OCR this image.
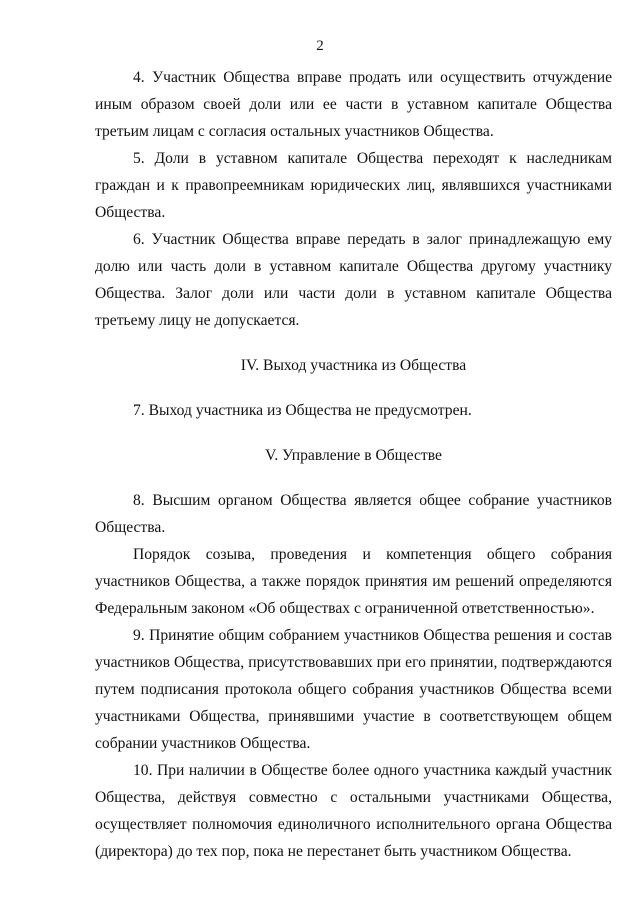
2

4. Участник Общества вправе продать или осуществить отчуждение иным образом своей доли или ее части в уставном капитале Общества третьим лицам с согласия остальных участников Общества.

5. Доли в уставном капитале Общества переходят к наследникам граждан и к правопреемникам юридических лиц, являвшихся участниками Общества.

6. Участник Общества вправе передать в залог принадлежащую ему долю или часть доли в уставном капитале Общества другому участнику Общества. Залог доли или части доли в уставном капитале Общества третьему лицу не допускается.

IV. Выход участника из Общества

7. Выход участника из Общества не предусмотрен.

V. Управление в Обществе

8. Высшим органом Общества является общее собрание участников Общества.

Порядок созыва, проведения и компетенция общего собрания участников Общества, а также порядок принятия им решений определяются Федеральным законом «Об обществах с ограниченной ответственностью».

9. Принятие общим собранием участников Общества решения и состав участников Общества, присутствовавших при его принятии, подтверждаются путем подписания протокола общего собрания участников Общества всеми участниками Общества, принявшими участие в соответствующем общем собрании участников Общества.

10. При наличии в Обществе более одного участника каждый участник Общества, действуя совместно с остальными участниками Общества, осуществляет полномочия единоличного исполнительного органа Общества (директора) до тех пор, пока не перестанет быть участником Общества.
